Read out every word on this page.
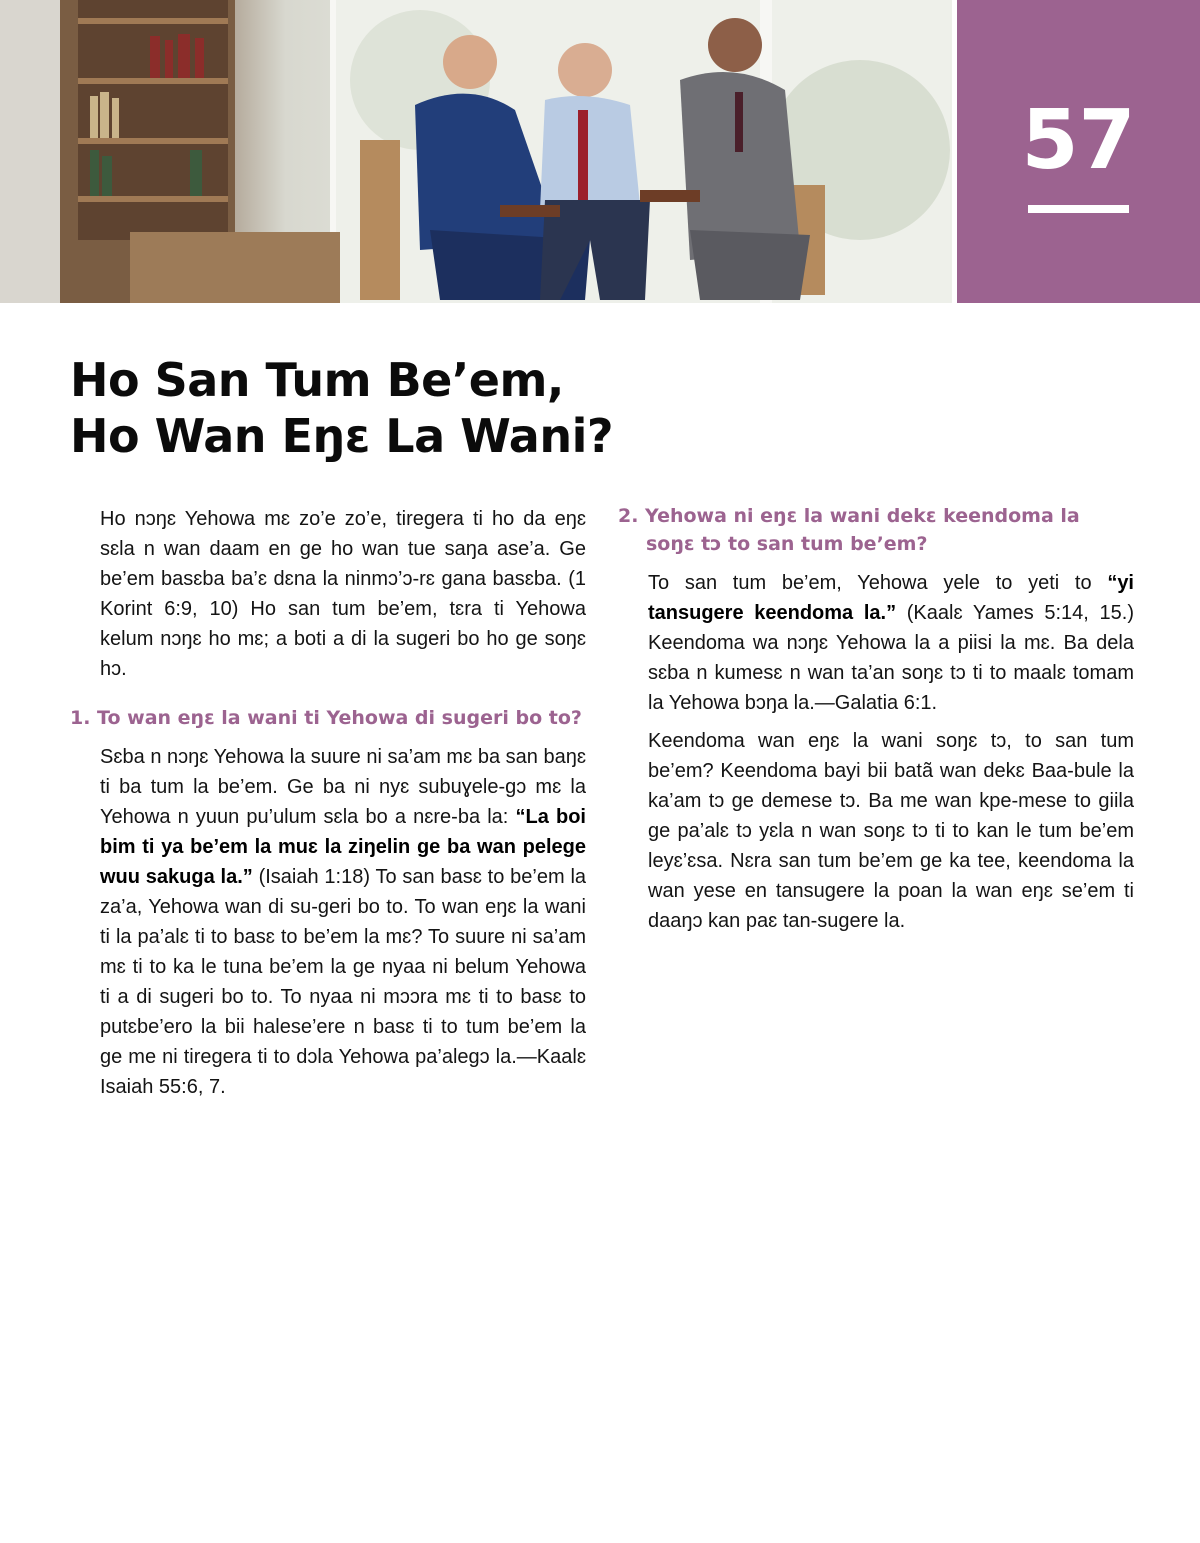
57
Ho San Tum Be’em,
Ho Wan Eŋɛ La Wani?

Ho nɔŋɛ Yehowa mɛ zo’e zo’e, tiregera ti ho da eŋɛ sɛla n wan daam en ge ho wan tue saŋa ase’a. Ge be’em basɛba ba’ɛ dɛna la ninmɔ’ɔ-rɛ gana basɛba. (1 Korint 6:9, 10) Ho san tum be’em, tɛra ti Yehowa kelum nɔŋɛ ho mɛ; a boti a di la sugeri bo ho ge soŋɛ hɔ.

1. To wan eŋɛ la wani ti Yehowa di sugeri bo to?

Sɛba n nɔŋɛ Yehowa la suure ni sa’am mɛ ba san baŋɛ ti ba tum la be’em. Ge ba ni nyɛ subuɣele-gɔ mɛ la Yehowa n yuun pu’ulum sɛla bo a nɛre-ba la: “La boi bim ti ya be’em la muɛ la ziŋelin ge ba wan pelege wuu sakuga la.” (Isaiah 1:18) To san basɛ to be’em la za’a, Yehowa wan di su-geri bo to. To wan eŋɛ la wani ti la pa’alɛ ti to basɛ to be’em la mɛ? To suure ni sa’am mɛ ti to ka le tuna be’em la ge nyaa ni belum Yehowa ti a di sugeri bo to. To nyaa ni mɔɔra mɛ ti to basɛ to putɛbe’ero la bii halese’ere n basɛ ti to tum be’em la ge me ni tiregera ti to dɔla Yehowa pa’alegɔ la.—Kaalɛ Isaiah 55:6, 7.

2. Yehowa ni eŋɛ la wani dekɛ keendoma la soŋɛ tɔ to san tum be’em?

To san tum be’em, Yehowa yele to yeti to “yi tansugere keendoma la.” (Kaalɛ Yames 5:14, 15.) Keendoma wa nɔŋɛ Yehowa la a piisi la mɛ. Ba dela sɛba n kumesɛ n wan ta’an soŋɛ tɔ ti to maalɛ tomam la Yehowa bɔŋa la.—Galatia 6:1.

Keendoma wan eŋɛ la wani soŋɛ tɔ, to san tum be’em? Keendoma bayi bii batã wan dekɛ Baa-bule la ka’am tɔ ge demese tɔ. Ba me wan kpe-mese to giila ge pa’alɛ tɔ yɛla n wan soŋɛ tɔ ti to kan le tum be’em leyɛ’ɛsa. Nɛra san tum be’em ge ka tee, keendoma la wan yese en tansugere la poan la wan eŋɛ se’em ti daaŋɔ kan paɛ tan-sugere la.
